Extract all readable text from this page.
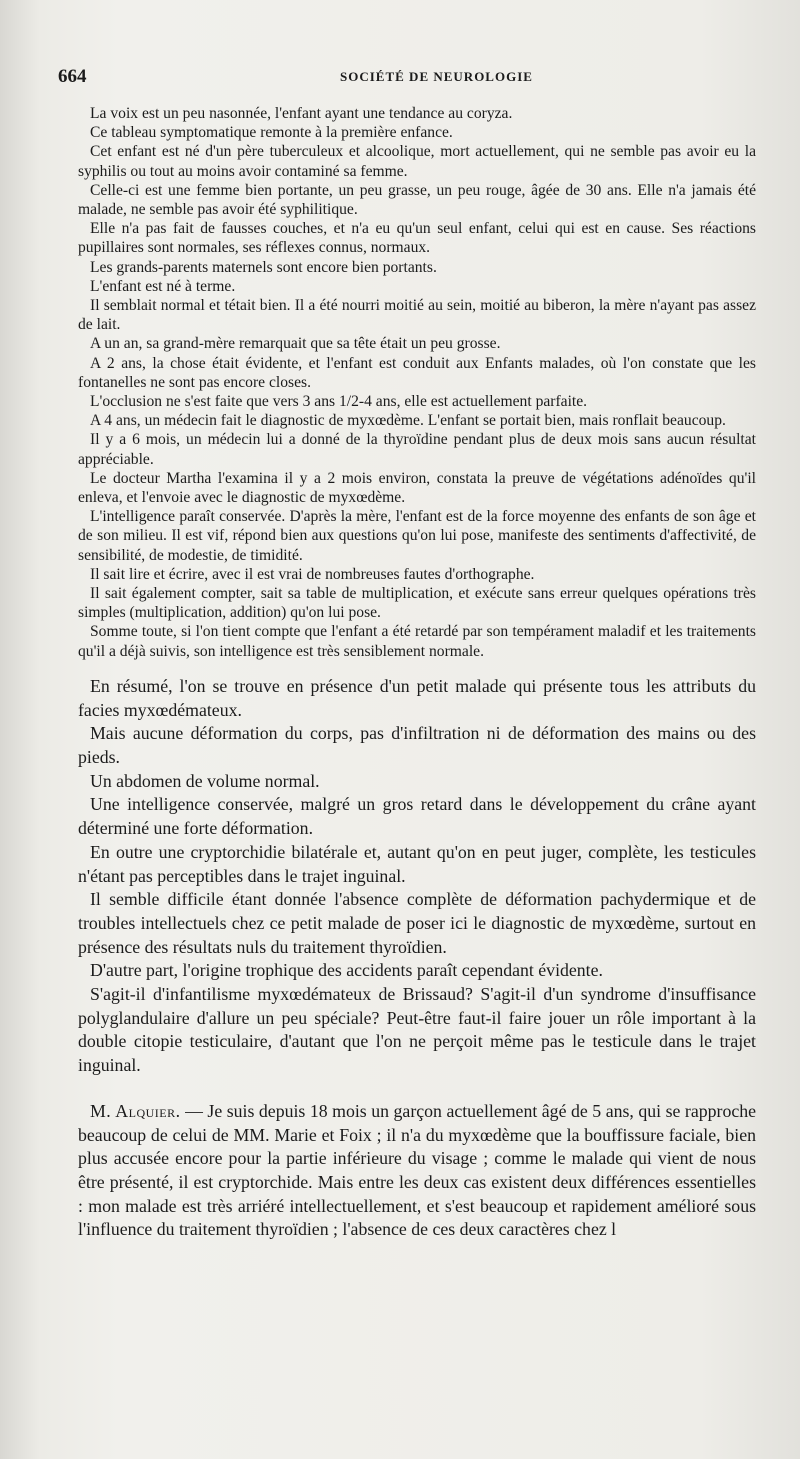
664	SOCIÉTÉ DE NEUROLOGIE

La voix est un peu nasonnée, l'enfant ayant une tendance au coryza.

Ce tableau symptomatique remonte à la première enfance.

Cet enfant est né d'un père tuberculeux et alcoolique, mort actuellement, qui ne semble pas avoir eu la syphilis ou tout au moins avoir contaminé sa femme.

Celle-ci est une femme bien portante, un peu grasse, un peu rouge, âgée de 30 ans. Elle n'a jamais été malade, ne semble pas avoir été syphilitique.

Elle n'a pas fait de fausses couches, et n'a eu qu'un seul enfant, celui qui est en cause. Ses réactions pupillaires sont normales, ses réflexes connus, normaux.

Les grands-parents maternels sont encore bien portants.

L'enfant est né à terme.

Il semblait normal et tétait bien. Il a été nourri moitié au sein, moitié au biberon, la mère n'ayant pas assez de lait.

A un an, sa grand-mère remarquait que sa tête était un peu grosse.

A 2 ans, la chose était évidente, et l'enfant est conduit aux Enfants malades, où l'on constate que les fontanelles ne sont pas encore closes.

L'occlusion ne s'est faite que vers 3 ans 1/2-4 ans, elle est actuellement parfaite.

A 4 ans, un médecin fait le diagnostic de myxœdème. L'enfant se portait bien, mais ronflait beaucoup.

Il y a 6 mois, un médecin lui a donné de la thyroïdine pendant plus de deux mois sans aucun résultat appréciable.

Le docteur Martha l'examina il y a 2 mois environ, constata la preuve de végétations adénoïdes qu'il enleva, et l'envoie avec le diagnostic de myxœdème.

L'intelligence paraît conservée. D'après la mère, l'enfant est de la force moyenne des enfants de son âge et de son milieu. Il est vif, répond bien aux questions qu'on lui pose, manifeste des sentiments d'affectivité, de sensibilité, de modestie, de timidité.

Il sait lire et écrire, avec il est vrai de nombreuses fautes d'orthographe.

Il sait également compter, sait sa table de multiplication, et exécute sans erreur quelques opérations très simples (multiplication, addition) qu'on lui pose.

Somme toute, si l'on tient compte que l'enfant a été retardé par son tempérament maladif et les traitements qu'il a déjà suivis, son intelligence est très sensiblement normale.

En résumé, l'on se trouve en présence d'un petit malade qui présente tous les attributs du facies myxœdémateux.

Mais aucune déformation du corps, pas d'infiltration ni de déformation des mains ou des pieds.

Un abdomen de volume normal.

Une intelligence conservée, malgré un gros retard dans le développement du crâne ayant déterminé une forte déformation.

En outre une cryptorchidie bilatérale et, autant qu'on en peut juger, complète, les testicules n'étant pas perceptibles dans le trajet inguinal.

Il semble difficile étant donnée l'absence complète de déformation pachydermique et de troubles intellectuels chez ce petit malade de poser ici le diagnostic de myxœdème, surtout en présence des résultats nuls du traitement thyroïdien.

D'autre part, l'origine trophique des accidents paraît cependant évidente.

S'agit-il d'infantilisme myxœdémateux de Brissaud? S'agit-il d'un syndrome d'insuffisance polyglandulaire d'allure un peu spéciale? Peut-être faut-il faire jouer un rôle important à la double citopie testiculaire, d'autant que l'on ne perçoit même pas le testicule dans le trajet inguinal.

M. Alquier. — Je suis depuis 18 mois un garçon actuellement âgé de 5 ans, qui se rapproche beaucoup de celui de MM. Marie et Foix ; il n'a du myxœdème que la bouffissure faciale, bien plus accusée encore pour la partie inférieure du visage ; comme le malade qui vient de nous être présenté, il est cryptorchide. Mais entre les deux cas existent deux différences essentielles : mon malade est très arriéré intellectuellement, et s'est beaucoup et rapidement amélioré sous l'influence du traitement thyroïdien ; l'absence de ces deux caractères chez l
